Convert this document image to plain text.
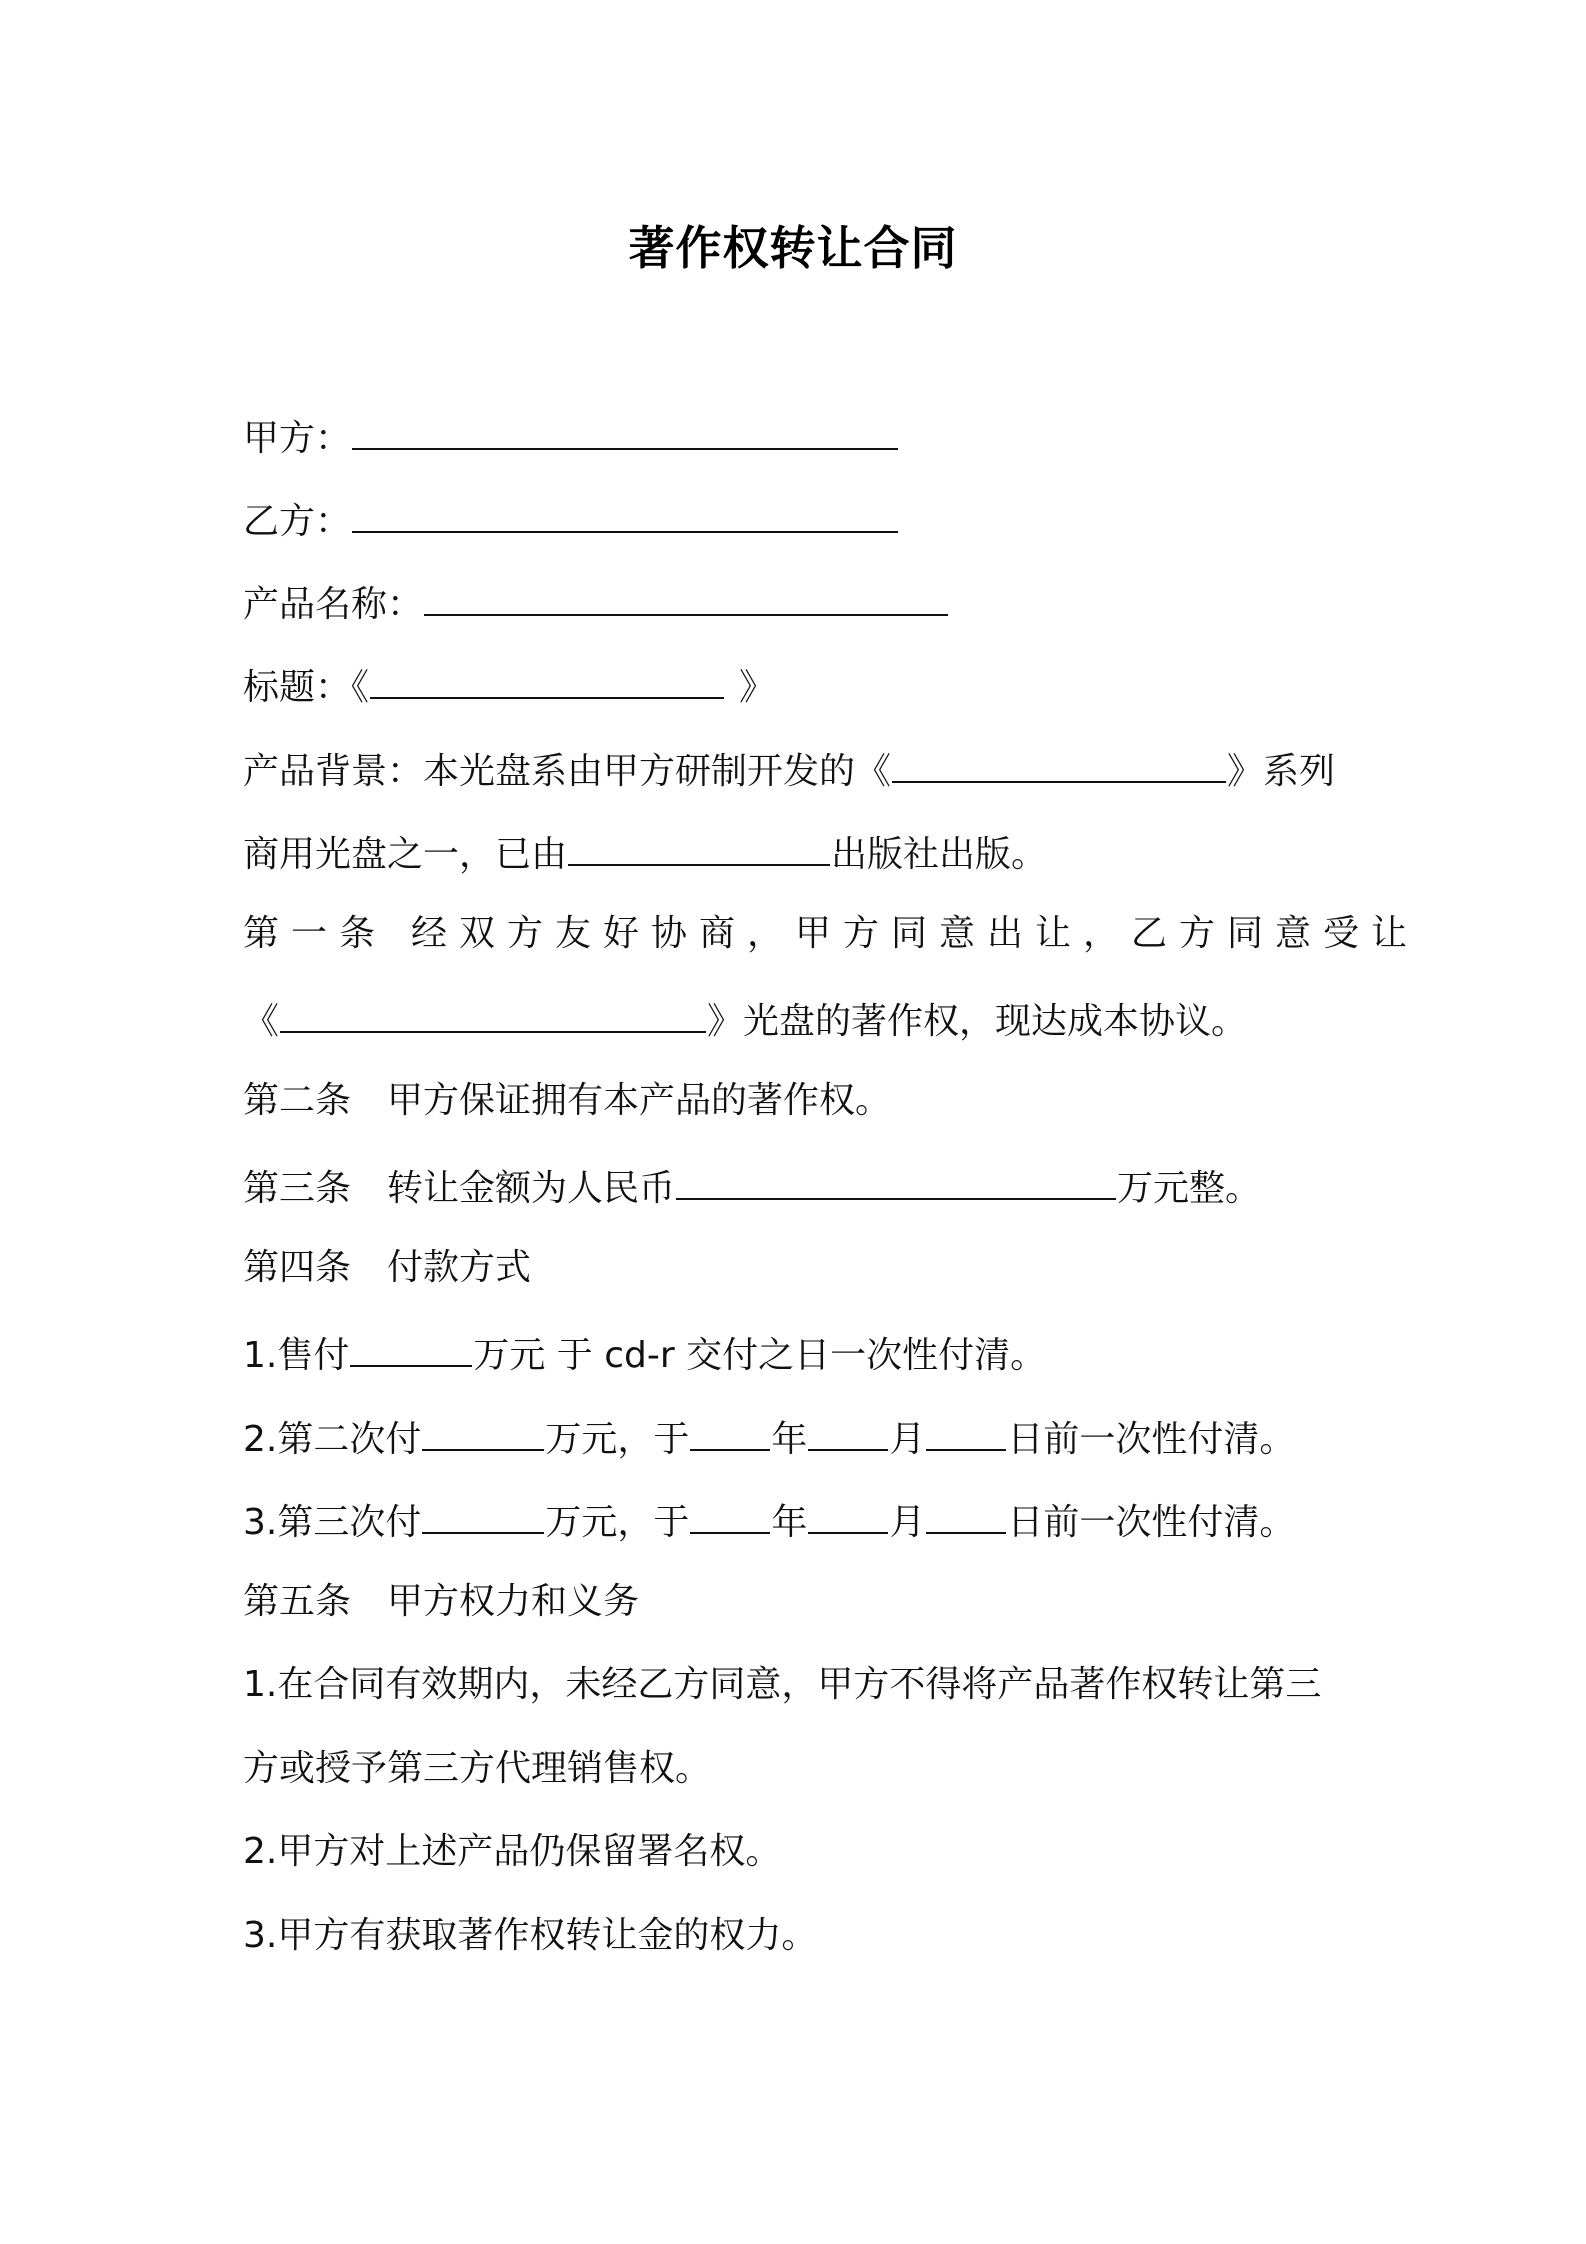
著作权转让合同
甲方：
乙方：
产品名称：
标题：《	》
产品背景：本光盘系由甲方研制开发的《	》系列
商用光盘之一，已由	出版社出版。
第一条 经双方友好协商，甲方同意出让，乙方同意受让
《	》光盘的著作权，现达成本协议。
第二条 甲方保证拥有本产品的著作权。
第三条 转让金额为人民币	万元整。
第四条 付款方式
1.售付	万元 于 cd-r 交付之日一次性付清。
2.第二次付	万元，于 年 月 日前一次性付清。
3.第三次付	万元，于 年 月 日前一次性付清。
第五条 甲方权力和义务
1.在合同有效期内，未经乙方同意，甲方不得将产品著作权转让第三
方或授予第三方代理销售权。
2.甲方对上述产品仍保留署名权。
3.甲方有获取著作权转让金的权力。
